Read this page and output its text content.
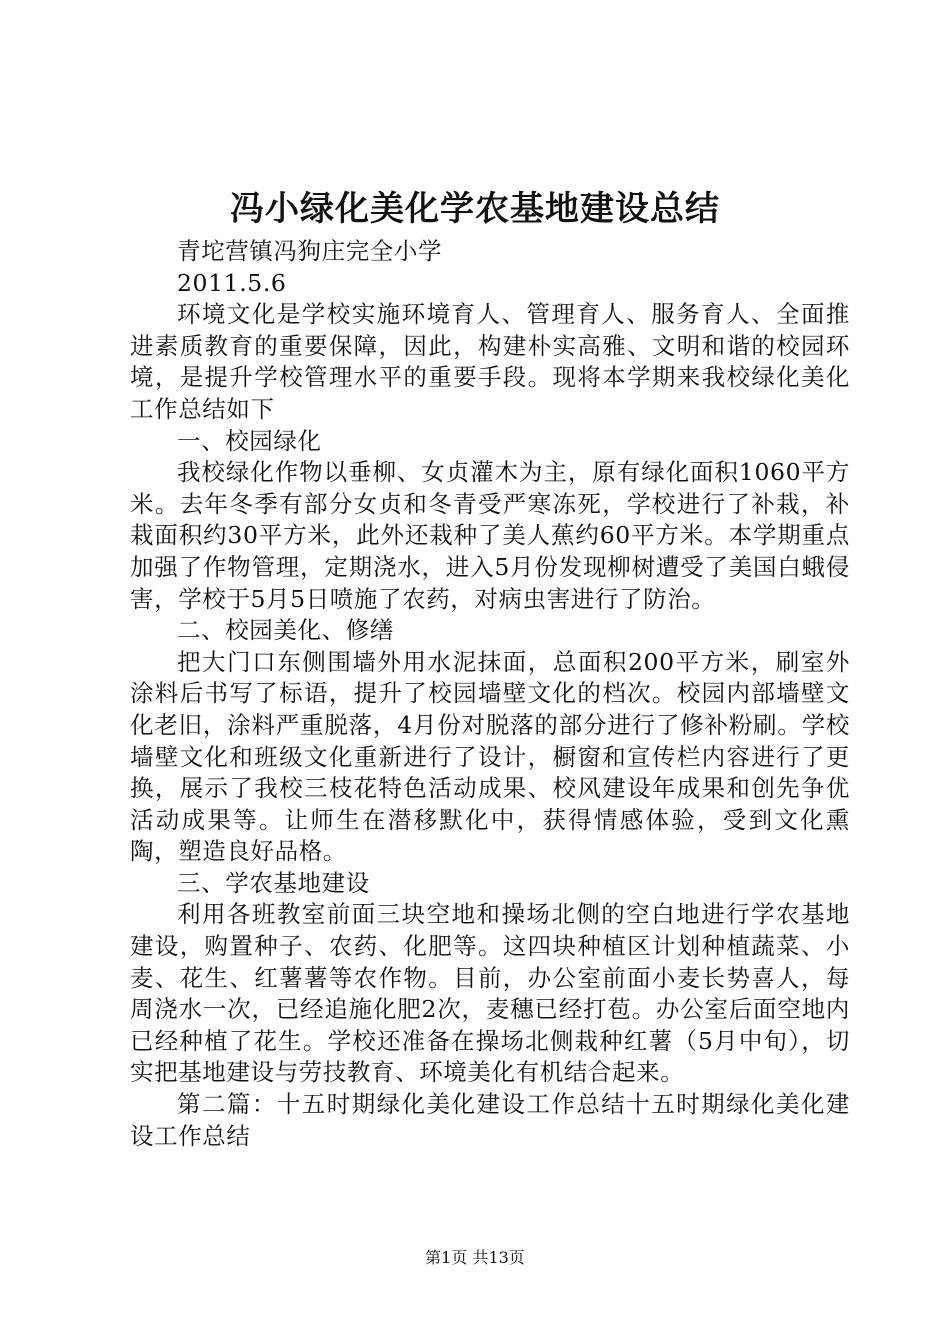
冯小绿化美化学农基地建设总结

青坨营镇冯狗庄完全小学

2011.5.6

环境文化是学校实施环境育人、管理育人、服务育人、全面推进素质教育的重要保障，因此，构建朴实高雅、文明和谐的校园环境，是提升学校管理水平的重要手段。现将本学期来我校绿化美化工作总结如下

一、校园绿化

我校绿化作物以垂柳、女贞灌木为主，原有绿化面积1060平方米。去年冬季有部分女贞和冬青受严寒冻死，学校进行了补栽，补栽面积约30平方米，此外还栽种了美人蕉约60平方米。本学期重点加强了作物管理，定期浇水，进入5月份发现柳树遭受了美国白蛾侵害，学校于5月5日喷施了农药，对病虫害进行了防治。

二、校园美化、修缮

把大门口东侧围墙外用水泥抹面，总面积200平方米，刷室外涂料后书写了标语，提升了校园墙壁文化的档次。校园内部墙壁文化老旧，涂料严重脱落，4月份对脱落的部分进行了修补粉刷。学校墙壁文化和班级文化重新进行了设计，橱窗和宣传栏内容进行了更换，展示了我校三枝花特色活动成果、校风建设年成果和创先争优活动成果等。让师生在潜移默化中，获得情感体验，受到文化熏陶，塑造良好品格。

三、学农基地建设

利用各班教室前面三块空地和操场北侧的空白地进行学农基地建设，购置种子、农药、化肥等。这四块种植区计划种植蔬菜、小麦、花生、红薯薯等农作物。目前，办公室前面小麦长势喜人，每周浇水一次，已经追施化肥2次，麦穗已经打苞。办公室后面空地内已经种植了花生。学校还准备在操场北侧栽种红薯（5月中旬），切实把基地建设与劳技教育、环境美化有机结合起来。

第二篇：十五时期绿化美化建设工作总结十五时期绿化美化建设工作总结

第1页 共13页
